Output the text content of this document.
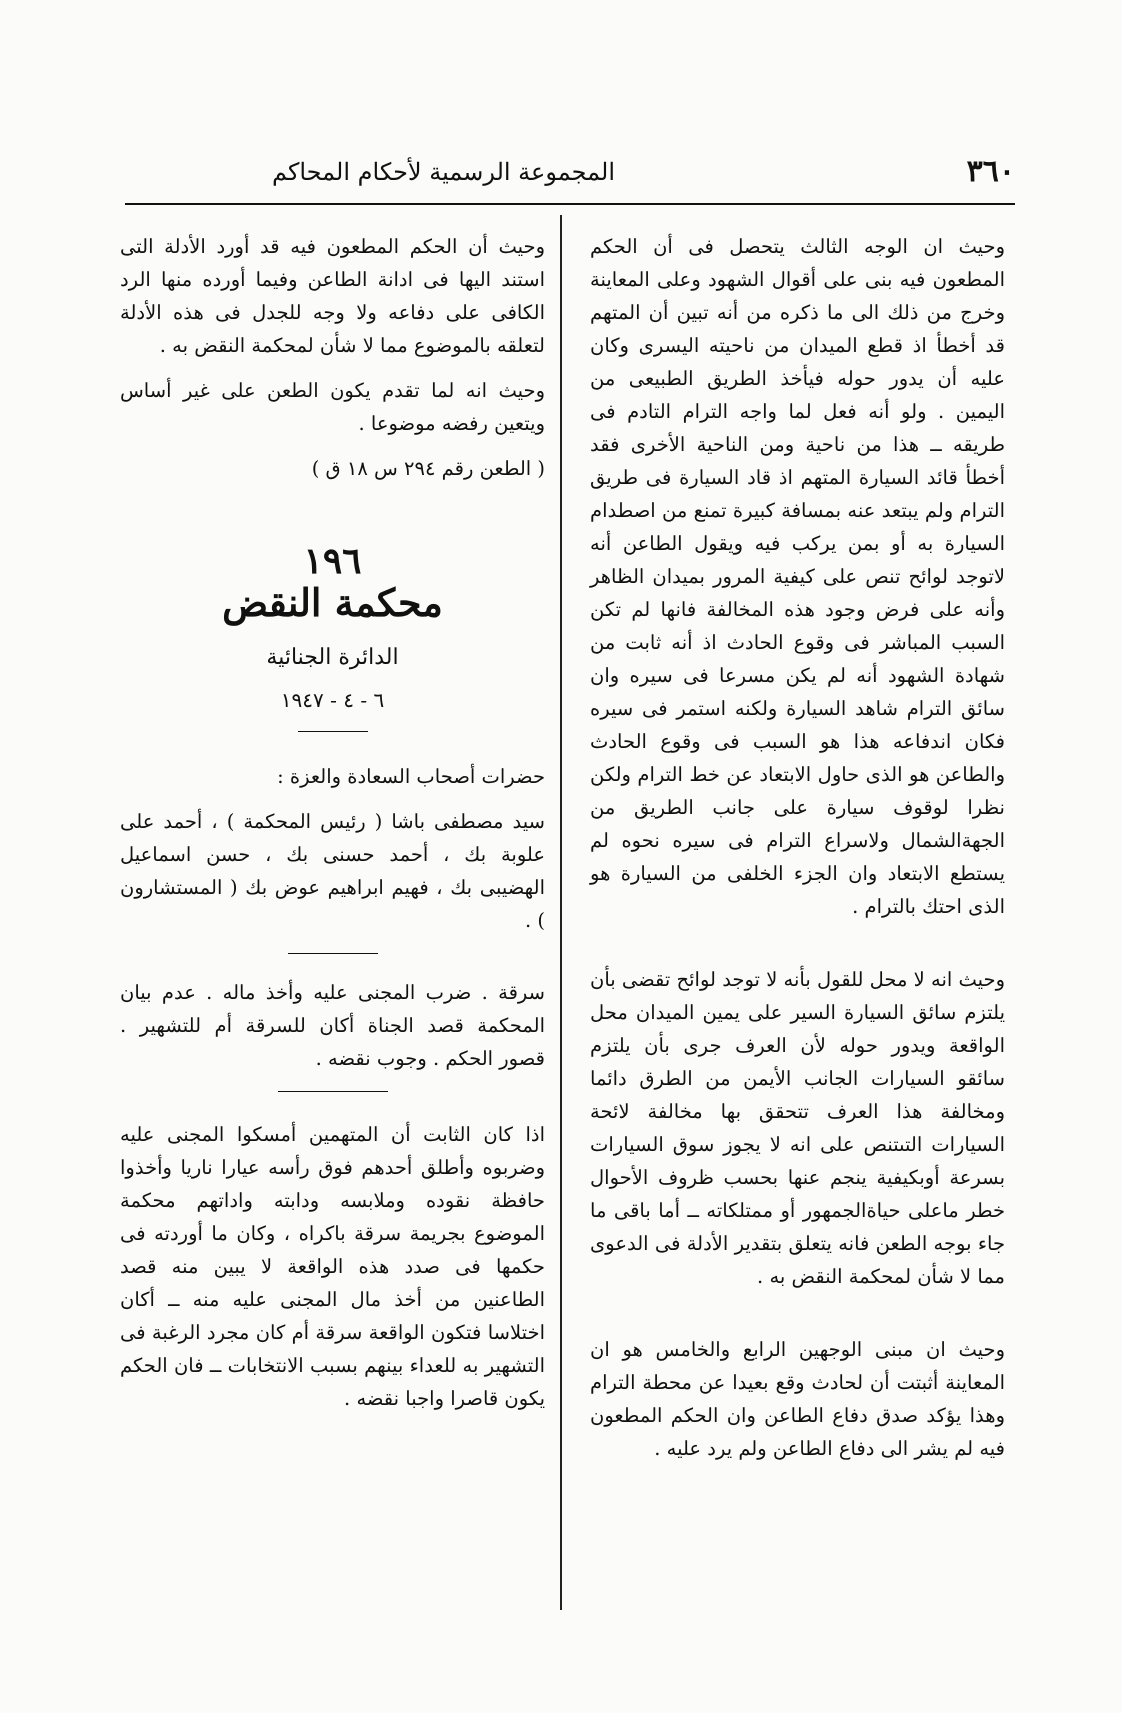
٣٦٠
المجموعة الرسمية لأحكام المحاكم

وحيث ان الوجه الثالث يتحصل فى أن الحكم المطعون فيه بنى على أقوال الشهود وعلى المعاينة وخرج من ذلك الى ما ذكره من أنه تبين أن المتهم قد أخطأ اذ قطع الميدان من ناحيته اليسرى وكان عليه أن يدور حوله فيأخذ الطريق الطبيعى من اليمين . ولو أنه فعل لما واجه الترام التادم فى طريقه ــ هذا من ناحية ومن الناحية الأخرى فقد أخطأ قائد السيارة المتهم اذ قاد السيارة فى طريق الترام ولم يبتعد عنه بمسافة كبيرة تمنع من اصطدام السيارة به أو بمن يركب فيه ويقول الطاعن أنه لاتوجد لوائح تنص على كيفية المرور بميدان الظاهر وأنه على فرض وجود هذه المخالفة فانها لم تكن السبب المباشر فى وقوع الحادث اذ أنه ثابت من شهادة الشهود أنه لم يكن مسرعا فى سيره وان سائق الترام شاهد السيارة ولكنه استمر فى سيره فكان اندفاعه هذا هو السبب فى وقوع الحادث والطاعن هو الذى حاول الابتعاد عن خط الترام ولكن نظرا لوقوف سيارة على جانب الطريق من الجهةالشمال ولاسراع الترام فى سيره نحوه لم يستطع الابتعاد وان الجزء الخلفى من السيارة هو الذى احتك بالترام .

وحيث انه لا محل للقول بأنه لا توجد لوائح تقضى بأن يلتزم سائق السيارة السير على يمين الميدان محل الواقعة ويدور حوله لأن العرف جرى بأن يلتزم سائقو السيارات الجانب الأيمن من الطرق دائما ومخالفة هذا العرف تتحقق بها مخالفة لائحة السيارات التىتنص على انه لا يجوز سوق السيارات بسرعة أوبكيفية ينجم عنها بحسب ظروف الأحوال خطر ماعلى حياةالجمهور أو ممتلكاته ــ أما باقى ما جاء بوجه الطعن فانه يتعلق بتقدير الأدلة فى الدعوى مما لا شأن لمحكمة النقض به .

وحيث ان مبنى الوجهين الرابع والخامس هو ان المعاينة أثبتت أن لحادث وقع بعيدا عن محطة الترام وهذا يؤكد صدق دفاع الطاعن وان الحكم المطعون فيه لم يشر الى دفاع الطاعن ولم يرد عليه .

وحيث أن الحكم المطعون فيه قد أورد الأدلة التى استند اليها فى ادانة الطاعن وفيما أورده منها الرد الكافى على دفاعه ولا وجه للجدل فى هذه الأدلة لتعلقه بالموضوع مما لا شأن لمحكمة النقض به .

وحيث انه لما تقدم يكون الطعن على غير أساس ويتعين رفضه موضوعا .

( الطعن رقم ٢٩٤ س ١٨ ق )

١٩٦
محكمة النقض
الدائرة الجنائية
٦ - ٤ - ١٩٤٧

حضرات أصحاب السعادة والعزة :

سيد مصطفى باشا ( رئيس المحكمة ) ، أحمد على علوبة بك ، أحمد حسنى بك ، حسن اسماعيل الهضيبى بك ، فهيم ابراهيم عوض بك ( المستشارون ) .

سرقة . ضرب المجنى عليه وأخذ ماله . عدم بيان المحكمة قصد الجناة أكان للسرقة أم للتشهير . قصور الحكم . وجوب نقضه .

اذا كان الثابت أن المتهمين أمسكوا المجنى عليه وضربوه وأطلق أحدهم فوق رأسه عيارا ناريا وأخذوا حافظة نقوده وملابسه ودابته واداتهم محكمة الموضوع بجريمة سرقة باكراه ، وكان ما أوردته فى حكمها فى صدد هذه الواقعة لا يبين منه قصد الطاعنين من أخذ مال المجنى عليه منه ــ أكان اختلاسا فتكون الواقعة سرقة أم كان مجرد الرغبة فى التشهير به للعداء بينهم بسبب الانتخابات ــ فان الحكم يكون قاصرا واجبا نقضه .
